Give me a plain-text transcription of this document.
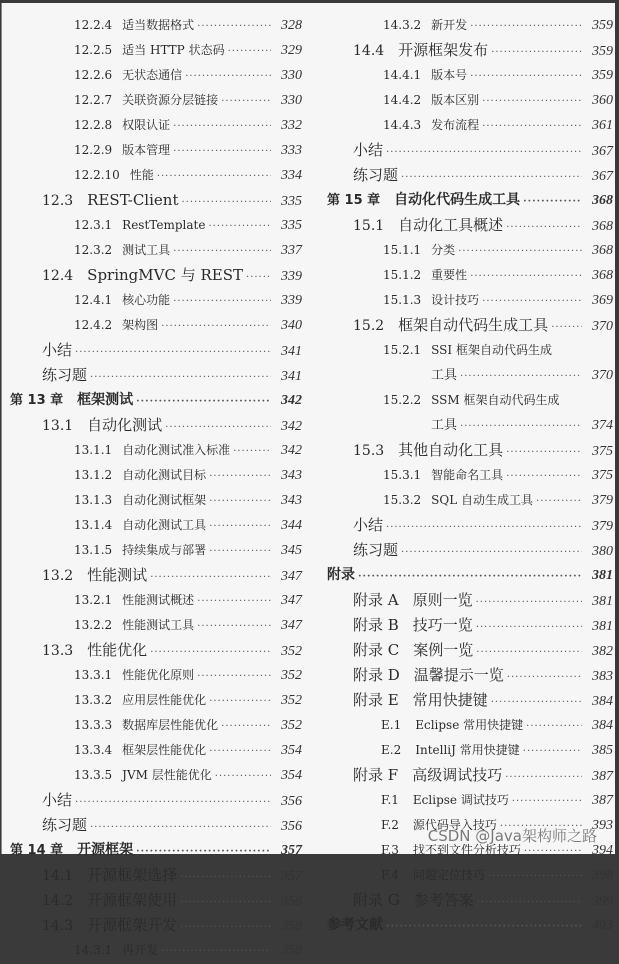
12.2.4 适当数据格式 ·····	328
12.2.5 适当 HTTP 状态码 ·····	329
12.2.6 无状态通信 ·····	330
12.2.7 关联资源分层链接 ·····	330
12.2.8 权限认证 ·····	332
12.2.9 版本管理 ·····	333
12.2.10 性能 ·····	334
12.3 REST-Client ·····	335
12.3.1 RestTemplate ·····	335
12.3.2 测试工具 ·····	337
12.4 SpringMVC 与 REST ·····	339
12.4.1 核心功能 ·····	339
12.4.2 架构图 ·····	340
小结 ·····	341
练习题 ·····	341
第 13 章 框架测试 ·····	342
13.1 自动化测试 ·····	342
13.1.1 自动化测试准入标准 ·····	342
13.1.2 自动化测试目标 ·····	343
13.1.3 自动化测试框架 ·····	343
13.1.4 自动化测试工具 ·····	344
13.1.5 持续集成与部署 ·····	345
13.2 性能测试 ·····	347
13.2.1 性能测试概述 ·····	347
13.2.2 性能测试工具 ·····	347
13.3 性能优化 ·····	352
13.3.1 性能优化原则 ·····	352
13.3.2 应用层性能优化 ·····	352
13.3.3 数据库层性能优化 ·····	352
13.3.4 框架层性能优化 ·····	354
13.3.5 JVM 层性能优化 ·····	354
小结 ·····	356
练习题 ·····	356
第 14 章 开源框架 ·····	357
14.1 开源框架选择 ·····	357
14.2 开源框架使用 ·····	358
14.3 开源框架开发 ·····	358
14.3.1 再开发 ·····	358
14.3.2 新开发 ·····	359
14.4 开源框架发布 ·····	359
14.4.1 版本号 ·····	359
14.4.2 版本区别 ·····	360
14.4.3 发布流程 ·····	361
小结 ·····	367
练习题 ·····	367
第 15 章 自动化代码生成工具 ·····	368
15.1 自动化工具概述 ·····	368
15.1.1 分类 ·····	368
15.1.2 重要性 ·····	368
15.1.3 设计技巧 ·····	369
15.2 框架自动代码生成工具 ·····	370
15.2.1 SSI 框架自动代码生成
工具 ·····	370
15.2.2 SSM 框架自动代码生成
工具 ·····	374
15.3 其他自动化工具 ·····	375
15.3.1 智能命名工具 ·····	375
15.3.2 SQL 自动生成工具 ·····	379
小结 ·····	379
练习题 ·····	380
附录 ·····	381
附录 A 原则一览 ·····	381
附录 B 技巧一览 ·····	381
附录 C 案例一览 ·····	382
附录 D 温馨提示一览 ·····	383
附录 E 常用快捷键 ·····	384
E.1 Eclipse 常用快捷键 ·····	384
E.2 IntelliJ 常用快捷键 ·····	385
附录 F 高级调试技巧 ·····	387
F.1 Eclipse 调试技巧 ·····	387
F.2 源代码导入技巧 ·····	393
F.3 找不到文件分析技巧 ·····	394
F.4 问题定位技巧 ·····	398
附录 G 参考答案 ·····	399
参考文献 ·····	403
CSDN @Java架构师之路
